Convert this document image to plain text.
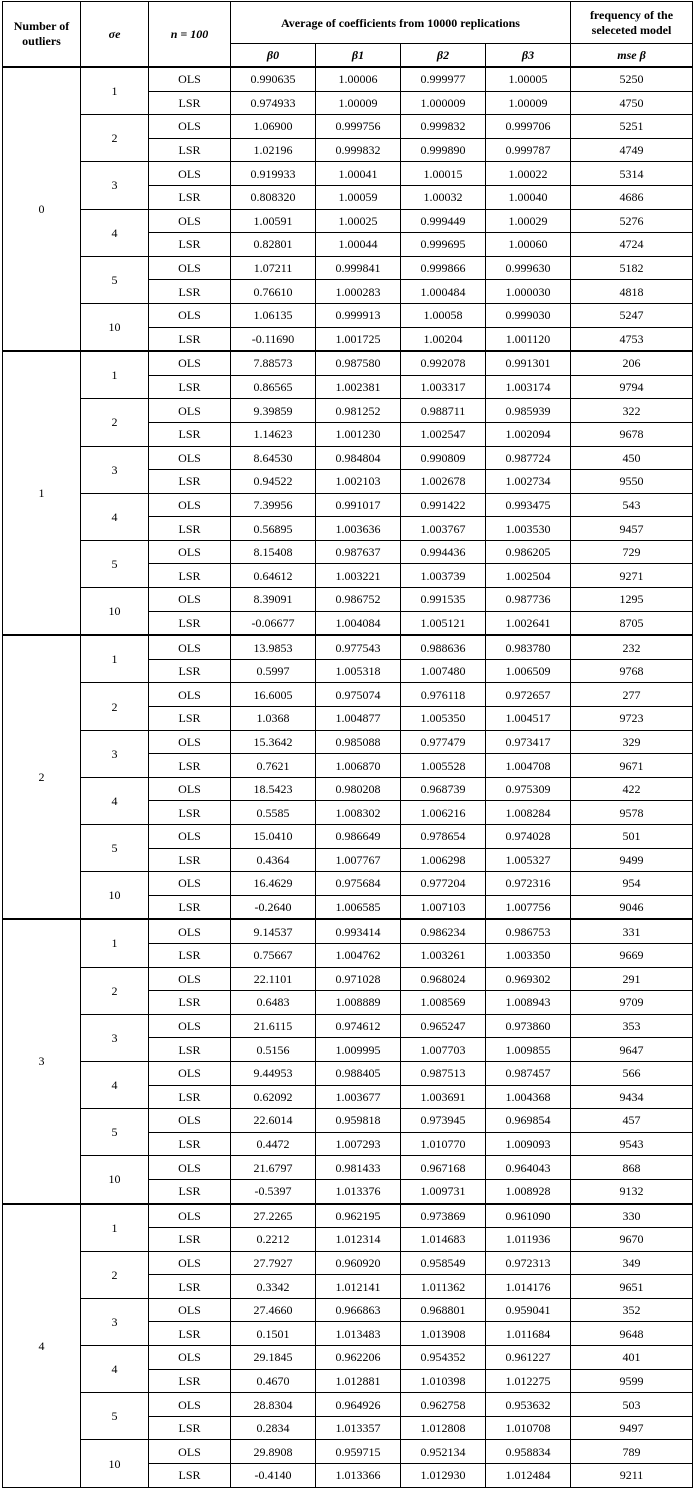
Number of outliers	σe	n = 100	Average of coefficients from 10000 replications				frequency of the seleceted model
			β0	β1	β2	β3	mse β
0	1	OLS	0.990635	1.00006	0.999977	1.00005	5250
		LSR	0.974933	1.00009	1.000009	1.00009	4750
	2	OLS	1.06900	0.999756	0.999832	0.999706	5251
		LSR	1.02196	0.999832	0.999890	0.999787	4749
	3	OLS	0.919933	1.00041	1.00015	1.00022	5314
		LSR	0.808320	1.00059	1.00032	1.00040	4686
	4	OLS	1.00591	1.00025	0.999449	1.00029	5276
		LSR	0.82801	1.00044	0.999695	1.00060	4724
	5	OLS	1.07211	0.999841	0.999866	0.999630	5182
		LSR	0.76610	1.000283	1.000484	1.000030	4818
	10	OLS	1.06135	0.999913	1.00058	0.999030	5247
		LSR	-0.11690	1.001725	1.00204	1.001120	4753
1	1	OLS	7.88573	0.987580	0.992078	0.991301	206
		LSR	0.86565	1.002381	1.003317	1.003174	9794
	2	OLS	9.39859	0.981252	0.988711	0.985939	322
		LSR	1.14623	1.001230	1.002547	1.002094	9678
	3	OLS	8.64530	0.984804	0.990809	0.987724	450
		LSR	0.94522	1.002103	1.002678	1.002734	9550
	4	OLS	7.39956	0.991017	0.991422	0.993475	543
		LSR	0.56895	1.003636	1.003767	1.003530	9457
	5	OLS	8.15408	0.987637	0.994436	0.986205	729
		LSR	0.64612	1.003221	1.003739	1.002504	9271
	10	OLS	8.39091	0.986752	0.991535	0.987736	1295
		LSR	-0.06677	1.004084	1.005121	1.002641	8705
2	1	OLS	13.9853	0.977543	0.988636	0.983780	232
		LSR	0.5997	1.005318	1.007480	1.006509	9768
	2	OLS	16.6005	0.975074	0.976118	0.972657	277
		LSR	1.0368	1.004877	1.005350	1.004517	9723
	3	OLS	15.3642	0.985088	0.977479	0.973417	329
		LSR	0.7621	1.006870	1.005528	1.004708	9671
	4	OLS	18.5423	0.980208	0.968739	0.975309	422
		LSR	0.5585	1.008302	1.006216	1.008284	9578
	5	OLS	15.0410	0.986649	0.978654	0.974028	501
		LSR	0.4364	1.007767	1.006298	1.005327	9499
	10	OLS	16.4629	0.975684	0.977204	0.972316	954
		LSR	-0.2640	1.006585	1.007103	1.007756	9046
3	1	OLS	9.14537	0.993414	0.986234	0.986753	331
		LSR	0.75667	1.004762	1.003261	1.003350	9669
	2	OLS	22.1101	0.971028	0.968024	0.969302	291
		LSR	0.6483	1.008889	1.008569	1.008943	9709
	3	OLS	21.6115	0.974612	0.965247	0.973860	353
		LSR	0.5156	1.009995	1.007703	1.009855	9647
	4	OLS	9.44953	0.988405	0.987513	0.987457	566
		LSR	0.62092	1.003677	1.003691	1.004368	9434
	5	OLS	22.6014	0.959818	0.973945	0.969854	457
		LSR	0.4472	1.007293	1.010770	1.009093	9543
	10	OLS	21.6797	0.981433	0.967168	0.964043	868
		LSR	-0.5397	1.013376	1.009731	1.008928	9132
4	1	OLS	27.2265	0.962195	0.973869	0.961090	330
		LSR	0.2212	1.012314	1.014683	1.011936	9670
	2	OLS	27.7927	0.960920	0.958549	0.972313	349
		LSR	0.3342	1.012141	1.011362	1.014176	9651
	3	OLS	27.4660	0.966863	0.968801	0.959041	352
		LSR	0.1501	1.013483	1.013908	1.011684	9648
	4	OLS	29.1845	0.962206	0.954352	0.961227	401
		LSR	0.4670	1.012881	1.010398	1.012275	9599
	5	OLS	28.8304	0.964926	0.962758	0.953632	503
		LSR	0.2834	1.013357	1.012808	1.010708	9497
	10	OLS	29.8908	0.959715	0.952134	0.958834	789
		LSR	-0.4140	1.013366	1.012930	1.012484	9211
